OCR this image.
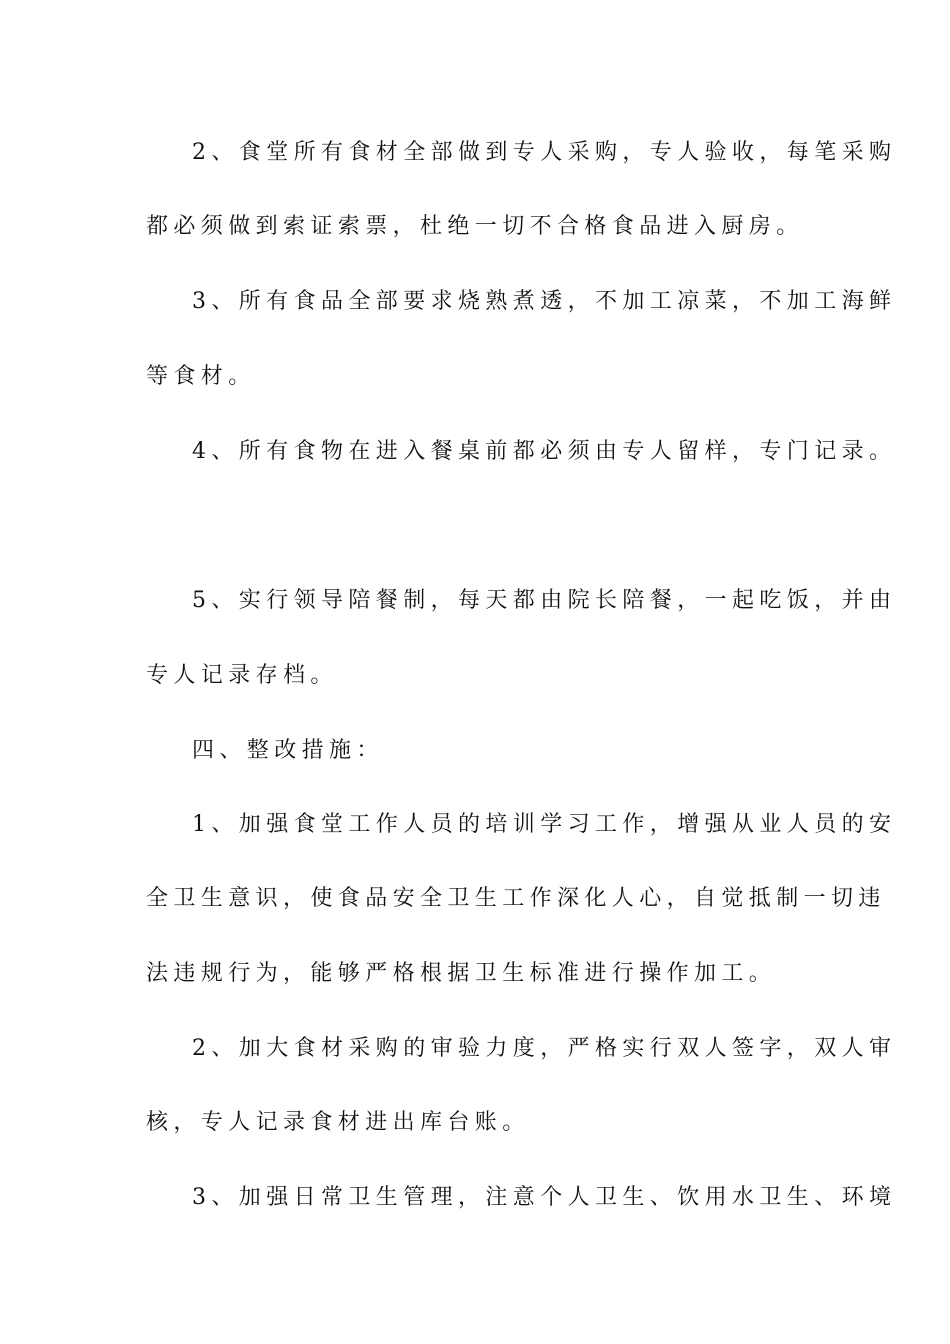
2、食堂所有食材全部做到专人采购，专人验收，每笔采购
都必须做到索证索票，杜绝一切不合格食品进入厨房。
3、所有食品全部要求烧熟煮透，不加工凉菜，不加工海鲜
等食材。
4、所有食物在进入餐桌前都必须由专人留样，专门记录。
5、实行领导陪餐制，每天都由院长陪餐，一起吃饭，并由
专人记录存档。
四、整改措施：
1、加强食堂工作人员的培训学习工作，增强从业人员的安
全卫生意识，使食品安全卫生工作深化人心，自觉抵制一切违
法违规行为，能够严格根据卫生标准进行操作加工。
2、加大食材采购的审验力度，严格实行双人签字，双人审
核，专人记录食材进出库台账。
3、加强日常卫生管理，注意个人卫生、饮用水卫生、环境
